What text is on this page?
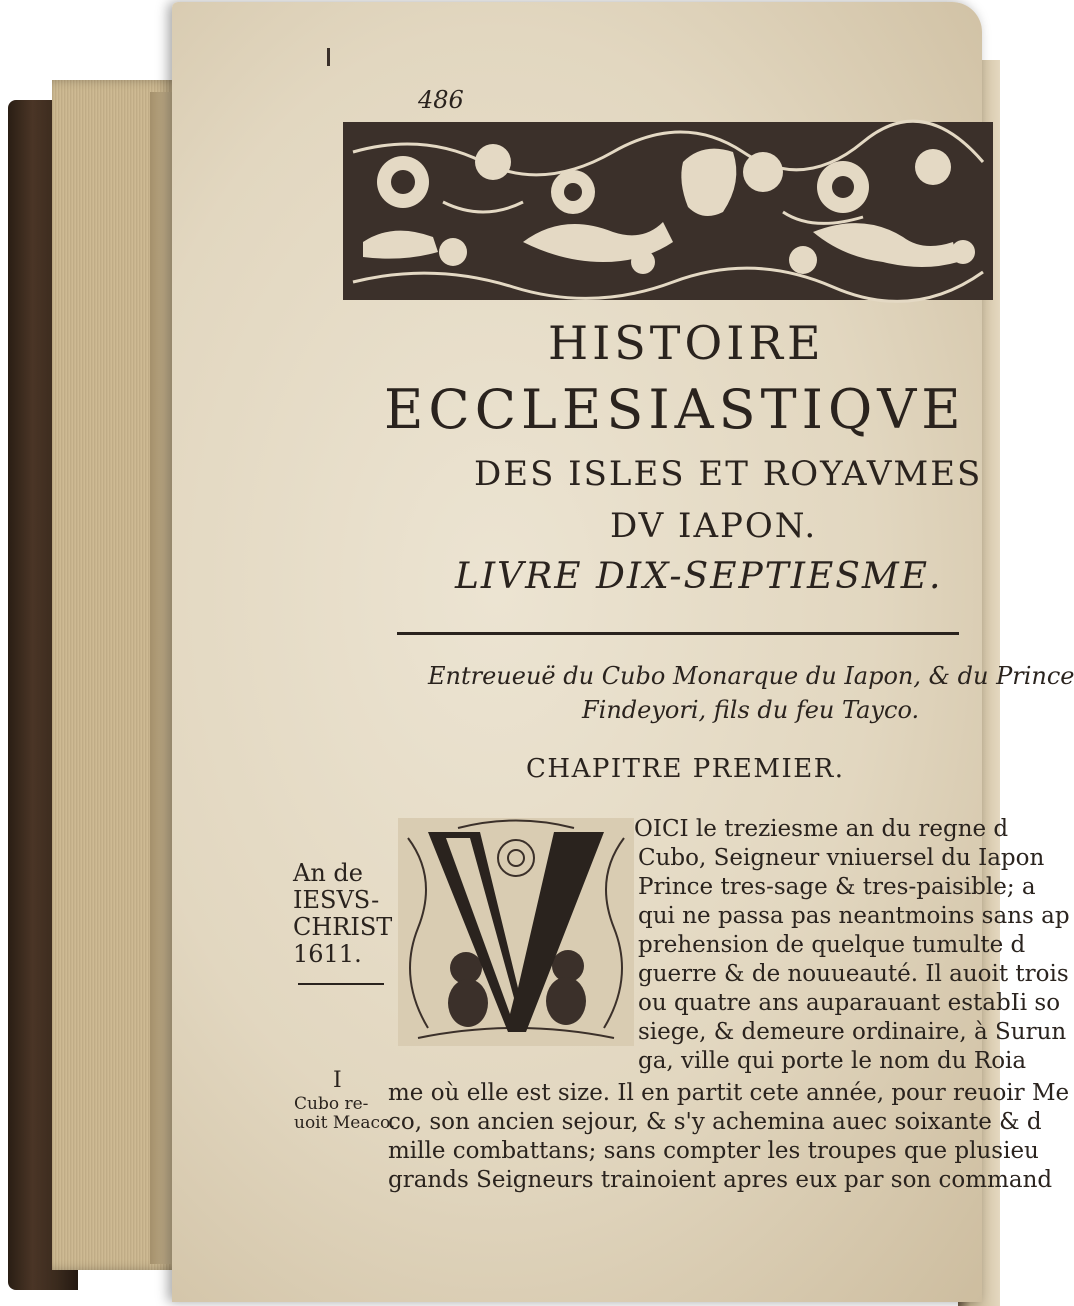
486
HISTOIRE
ECCLESIASTIQVE
DES ISLES ET ROYAVMES
DV IAPON.
LIVRE DIX-SEPTIESME.
Entreueuë du Cubo Monarque du Iapon, & du Prince
Findeyori, fils du feu Tayco.
CHAPITRE PREMIER.
An de
IESVS-
CHRIST
1611.
I
Cubo re-
uoit Meaco.
OICI le treziesme an du regne d
Cubo, Seigneur vniuersel du Iapon
Prince tres-sage & tres-paisible; a
qui ne passa pas neantmoins sans ap
prehension de quelque tumulte d
guerre & de nouueauté. Il auoit trois
ou quatre ans auparauant estabIi so
siege, & demeure ordinaire, à Surun
ga, ville qui porte le nom du Roia
me où elle est size. Il en partit cete année, pour reuoir Me
co, son ancien sejour, & s'y achemina auec soixante & d
mille combattans; sans compter les troupes que plusieu
grands Seigneurs trainoient apres eux par son command
